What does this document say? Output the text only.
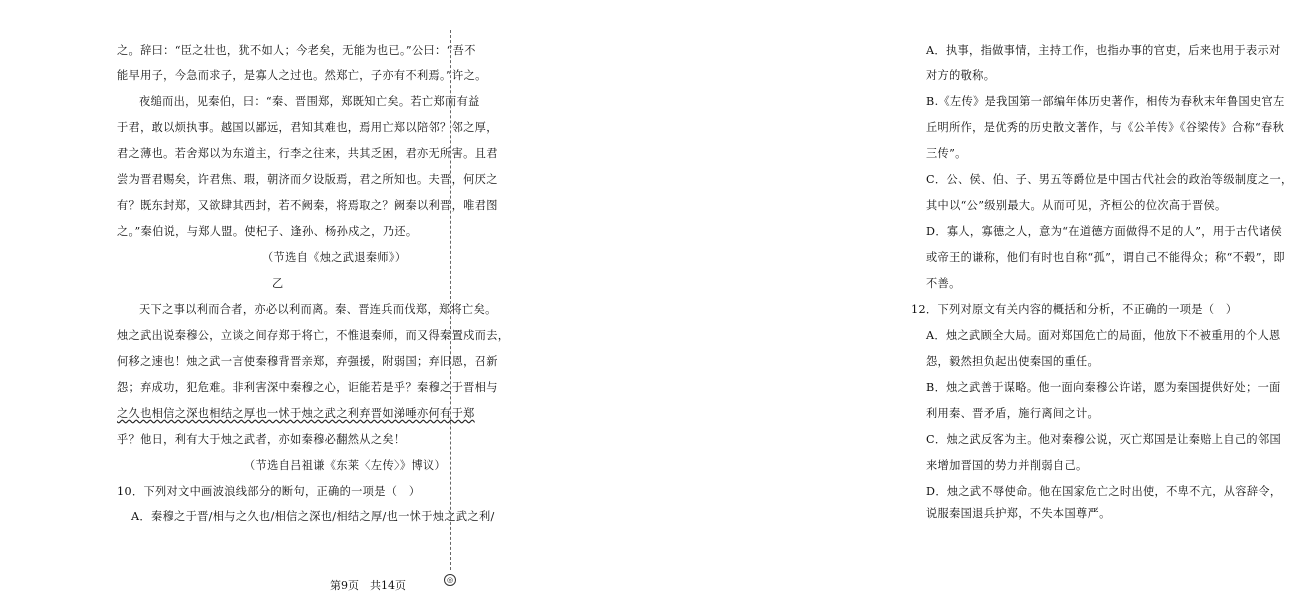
之。辞曰：“臣之壮也，犹不如人；今老矣，无能为也已。”公曰：“吾不
能早用子，今急而求子，是寡人之过也。然郑亡，子亦有不利焉。”许之。
夜缒而出，见秦伯，曰：“秦、晋围郑，郑既知亡矣。若亡郑而有益
于君，敢以烦执事。越国以鄙远，君知其难也，焉用亡郑以陪邻？邻之厚，
君之薄也。若舍郑以为东道主，行李之往来，共其乏困，君亦无所害。且君
尝为晋君赐矣，许君焦、瑕，朝济而夕设版焉，君之所知也。夫晋，何厌之
有？既东封郑，又欲肆其西封，若不阙秦，将焉取之？阙秦以利晋，唯君图
之。”秦伯说，与郑人盟。使杞子、逢孙、杨孙戍之，乃还。
（节选自《烛之武退秦师》）
乙
天下之事以利而合者，亦必以利而离。秦、晋连兵而伐郑，郑将亡矣。
烛之武出说秦穆公，立谈之间存郑于将亡，不惟退秦师，而又得秦置戍而去，
何移之速也！烛之武一言使秦穆背晋亲郑，弃强援，附弱国；弃旧恩，召新
怨；弃成功，犯危难。非利害深中秦穆之心，讵能若是乎？秦穆之于晋相与
之久也相信之深也相结之厚也一怵于烛之武之利弃晋如涕唾亦何有于郑
乎？他日，利有大于烛之武者，亦如秦穆必翻然从之矣！
（节选自吕祖谦《东莱〈左传〉》博议）
10．下列对文中画波浪线部分的断句，正确的一项是（　）
A．秦穆之于晋/相与之久也/相信之深也/相结之厚/也一怵于烛之武之利/
第9页　共14页	◎
A．执事，指做事情，主持工作，也指办事的官吏，后来也用于表示对
对方的敬称。
B.《左传》是我国第一部编年体历史著作，相传为春秋末年鲁国史官左
丘明所作，是优秀的历史散文著作，与《公羊传》《谷梁传》合称“春秋
三传”。
C．公、侯、伯、子、男五等爵位是中国古代社会的政治等级制度之一，
其中以“公”级别最大。从而可见，齐桓公的位次高于晋侯。
D．寡人，寡德之人，意为“在道德方面做得不足的人”，用于古代诸侯
或帝王的谦称，他们有时也自称“孤”，谓自己不能得众；称“不毂”，即
不善。
12．下列对原文有关内容的概括和分析，不正确的一项是（　）
A．烛之武顾全大局。面对郑国危亡的局面，他放下不被重用的个人恩
怨，毅然担负起出使秦国的重任。
B．烛之武善于谋略。他一面向秦穆公许诺，愿为秦国提供好处；一面
利用秦、晋矛盾，施行离间之计。
C．烛之武反客为主。他对秦穆公说，灭亡郑国是让秦赔上自己的邻国
来增加晋国的势力并削弱自己。
D．烛之武不辱使命。他在国家危亡之时出使，不卑不亢，从容辞令，
说服秦国退兵护郑，不失本国尊严。
